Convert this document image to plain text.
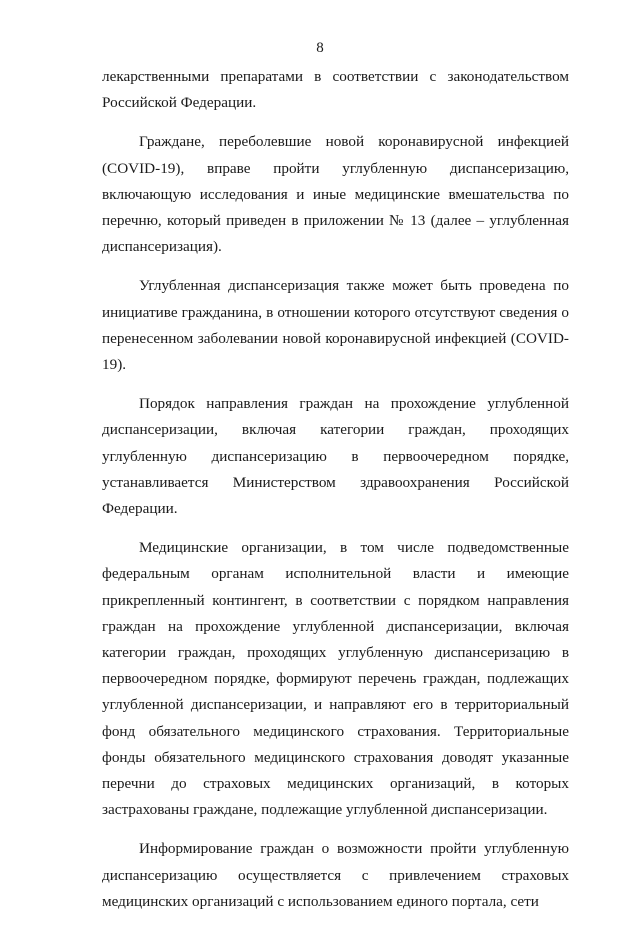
8

лекарственными препаратами в соответствии с законодательством Российской Федерации.

Граждане, переболевшие новой коронавирусной инфекцией (COVID-19), вправе пройти углубленную диспансеризацию, включающую исследования и иные медицинские вмешательства по перечню, который приведен в приложении № 13 (далее – углубленная диспансеризация).

Углубленная диспансеризация также может быть проведена по инициативе гражданина, в отношении которого отсутствуют сведения о перенесенном заболевании новой коронавирусной инфекцией (COVID-19).

Порядок направления граждан на прохождение углубленной диспансеризации, включая категории граждан, проходящих углубленную диспансеризацию в первоочередном порядке, устанавливается Министерством здравоохранения Российской Федерации.

Медицинские организации, в том числе подведомственные федеральным органам исполнительной власти и имеющие прикрепленный контингент, в соответствии с порядком направления граждан на прохождение углубленной диспансеризации, включая категории граждан, проходящих углубленную диспансеризацию в первоочередном порядке, формируют перечень граждан, подлежащих углубленной диспансеризации, и направляют его в территориальный фонд обязательного медицинского страхования. Территориальные фонды обязательного медицинского страхования доводят указанные перечни до страховых медицинских организаций, в которых застрахованы граждане, подлежащие углубленной диспансеризации.

Информирование граждан о возможности пройти углубленную диспансеризацию осуществляется с привлечением страховых медицинских организаций с использованием единого портала, сети
